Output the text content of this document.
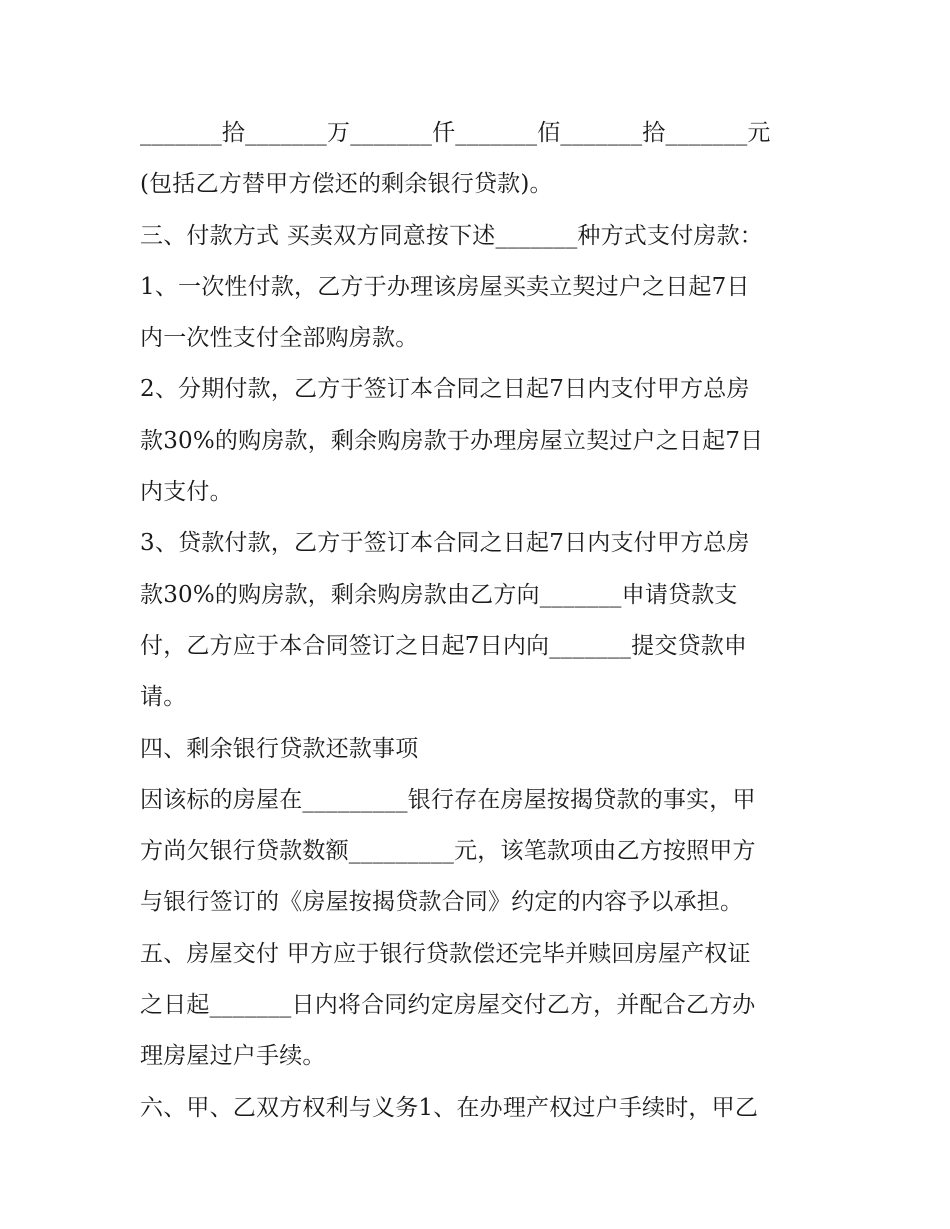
_______拾_______万_______仟_______佰_______拾_______元
(包括乙方替甲方偿还的剩余银行贷款)。
三、付款方式 买卖双方同意按下述_______种方式支付房款：
1、一次性付款，乙方于办理该房屋买卖立契过户之日起7日
内一次性支付全部购房款。
2、分期付款，乙方于签订本合同之日起7日内支付甲方总房
款30%的购房款，剩余购房款于办理房屋立契过户之日起7日
内支付。
3、贷款付款，乙方于签订本合同之日起7日内支付甲方总房
款30%的购房款，剩余购房款由乙方向_______申请贷款支
付，乙方应于本合同签订之日起7日内向_______提交贷款申
请。
四、剩余银行贷款还款事项
因该标的房屋在_________银行存在房屋按揭贷款的事实，甲
方尚欠银行贷款数额_________元，该笔款项由乙方按照甲方
与银行签订的《房屋按揭贷款合同》约定的内容予以承担。
五、房屋交付 甲方应于银行贷款偿还完毕并赎回房屋产权证
之日起_______日内将合同约定房屋交付乙方，并配合乙方办
理房屋过户手续。
六、甲、乙双方权利与义务1、在办理产权过户手续时，甲乙
